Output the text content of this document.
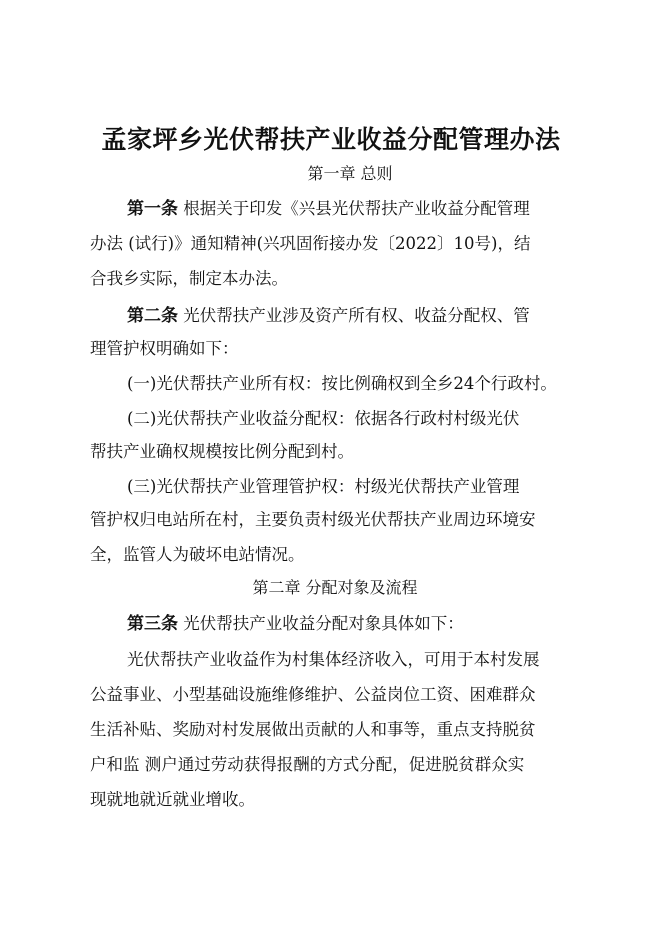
孟家坪乡光伏帮扶产业收益分配管理办法
第一章 总则
第一条 根据关于印发《兴县光伏帮扶产业收益分配管理
办法 (试行)》通知精神(兴巩固衔接办发〔2022〕10号)，结
合我乡实际，制定本办法。
第二条 光伏帮扶产业涉及资产所有权、收益分配权、管
理管护权明确如下：
(一)光伏帮扶产业所有权：按比例确权到全乡24个行政村。
(二)光伏帮扶产业收益分配权：依据各行政村村级光伏
帮扶产业确权规模按比例分配到村。
(三)光伏帮扶产业管理管护权：村级光伏帮扶产业管理
管护权归电站所在村，主要负责村级光伏帮扶产业周边环境安
全，监管人为破坏电站情况。
第二章 分配对象及流程
第三条 光伏帮扶产业收益分配对象具体如下：
光伏帮扶产业收益作为村集体经济收入，可用于本村发展
公益事业、小型基础设施维修维护、公益岗位工资、困难群众
生活补贴、奖励对村发展做出贡献的人和事等，重点支持脱贫
户和监 测户通过劳动获得报酬的方式分配，促进脱贫群众实
现就地就近就业增收。
